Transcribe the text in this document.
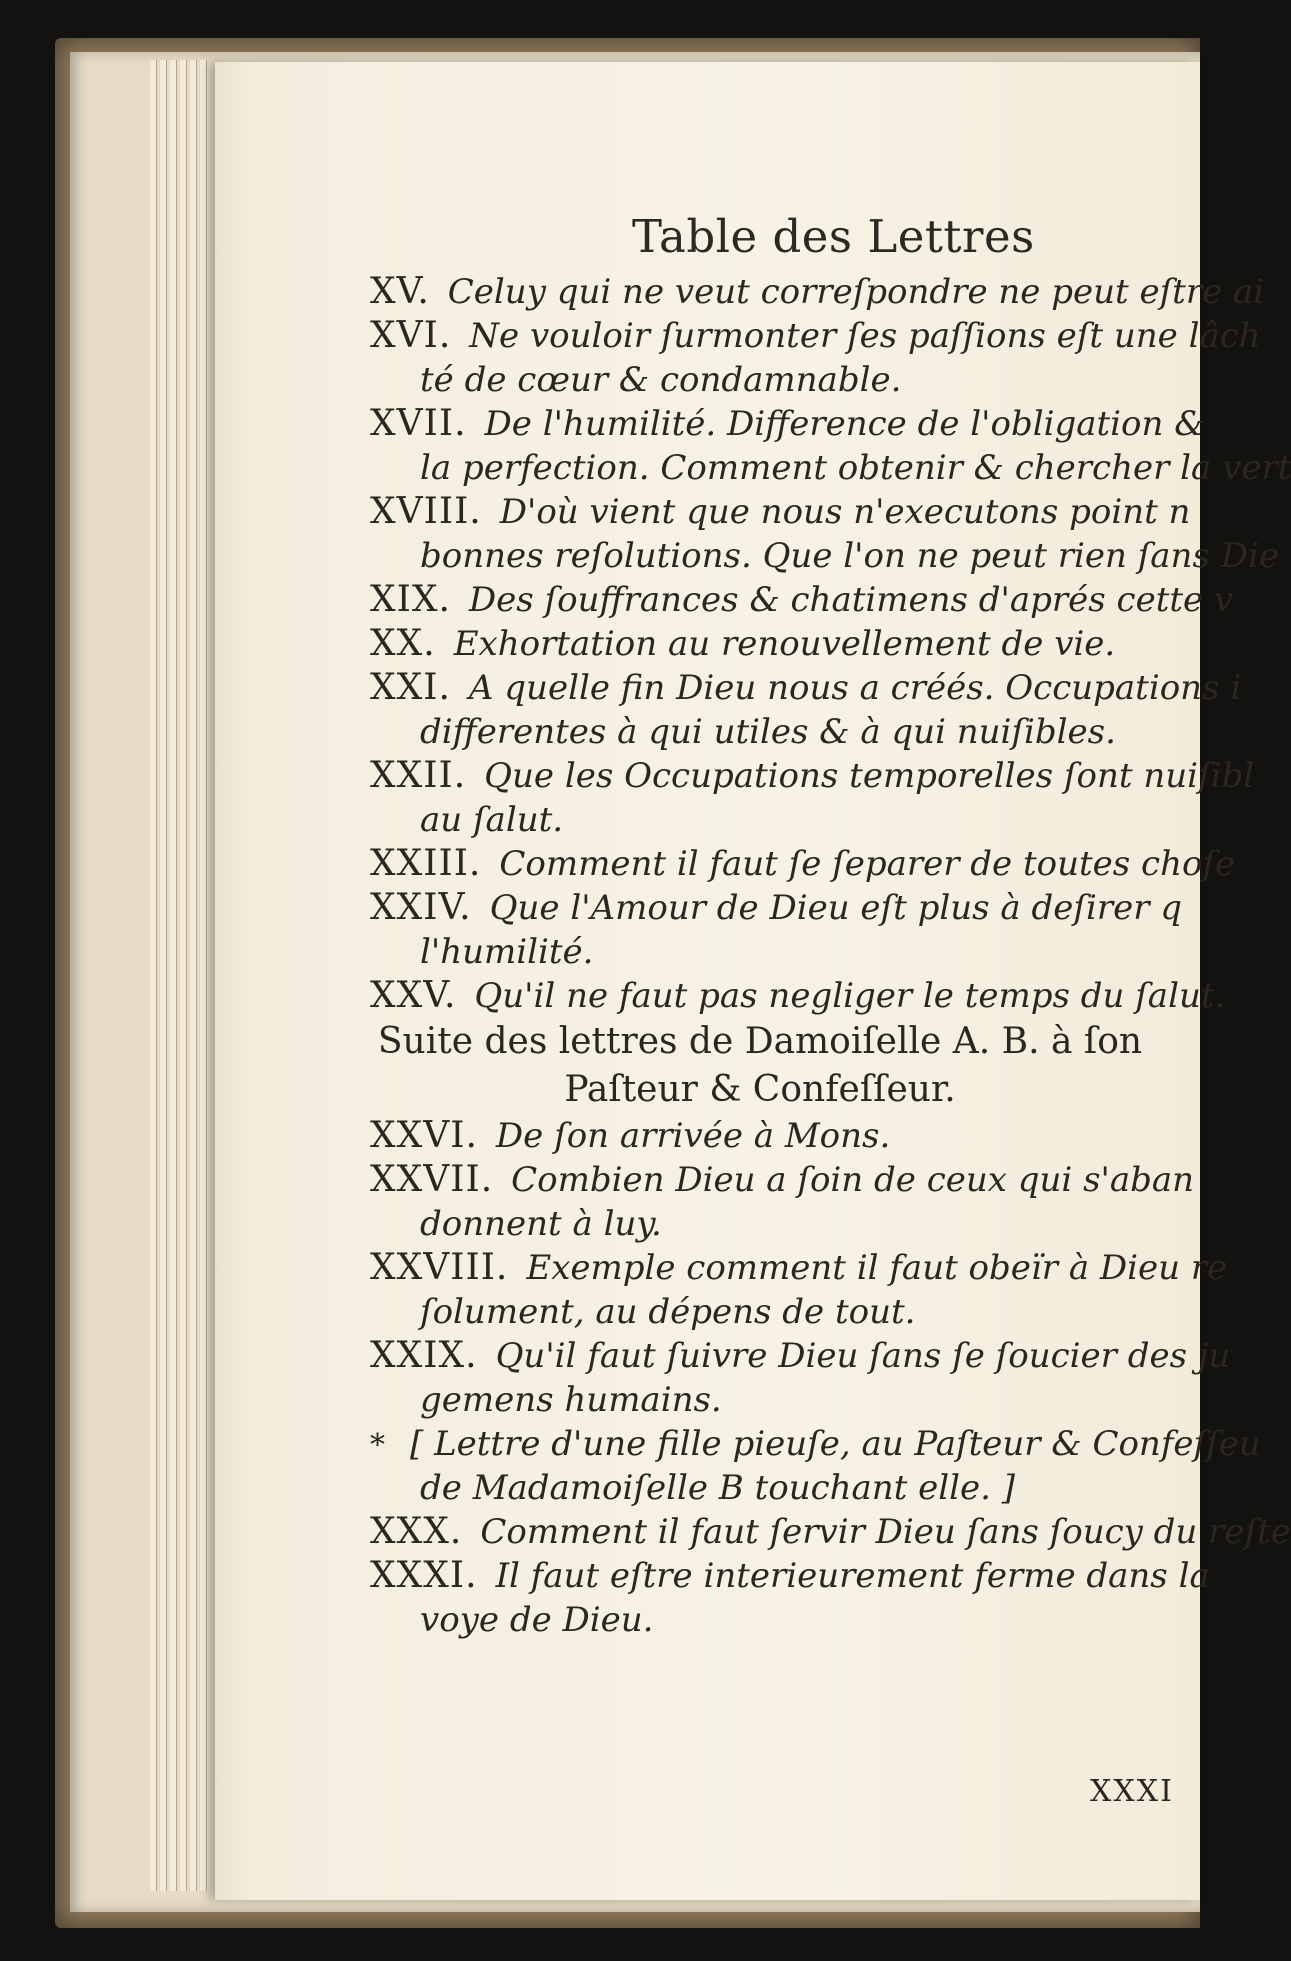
Table des Lettres
XV. Celuy qui ne veut correſpondre ne peut eſtre ai
XVI. Ne vouloir ſurmonter ſes paſſions eſt une lâch
té de cœur & condamnable.
XVII. De l'humilité. Difference de l'obligation &
la perfection. Comment obtenir & chercher la vert
XVIII. D'où vient que nous n'executons point n
bonnes reſolutions. Que l'on ne peut rien ſans Die
XIX. Des ſouffrances & chatimens d'aprés cette v
XX. Exhortation au renouvellement de vie.
XXI. A quelle fin Dieu nous a créés. Occupations i
differentes à qui utiles & à qui nuiſibles.
XXII. Que les Occupations temporelles ſont nuiſibl
au ſalut.
XXIII. Comment il faut ſe ſeparer de toutes choſe
XXIV. Que l'Amour de Dieu eſt plus à deſirer q
l'humilité.
XXV. Qu'il ne faut pas negliger le temps du ſalut.
Suite des lettres de Damoiſelle A. B. à ſon
Paſteur & Confeſſeur.
XXVI. De ſon arrivée à Mons.
XXVII. Combien Dieu a ſoin de ceux qui s'aban
donnent à luy.
XXVIII. Exemple comment il faut obeïr à Dieu re
ſolument, au dépens de tout.
XXIX. Qu'il faut ſuivre Dieu ſans ſe ſoucier des ju
gemens humains.
* [ Lettre d'une fille pieuſe, au Paſteur & Confeſſeu
de Madamoiſelle B touchant elle. ]
XXX. Comment il faut ſervir Dieu ſans ſoucy du reſte
XXXI. Il faut eſtre interieurement ferme dans la
voye de Dieu.
XXXI
